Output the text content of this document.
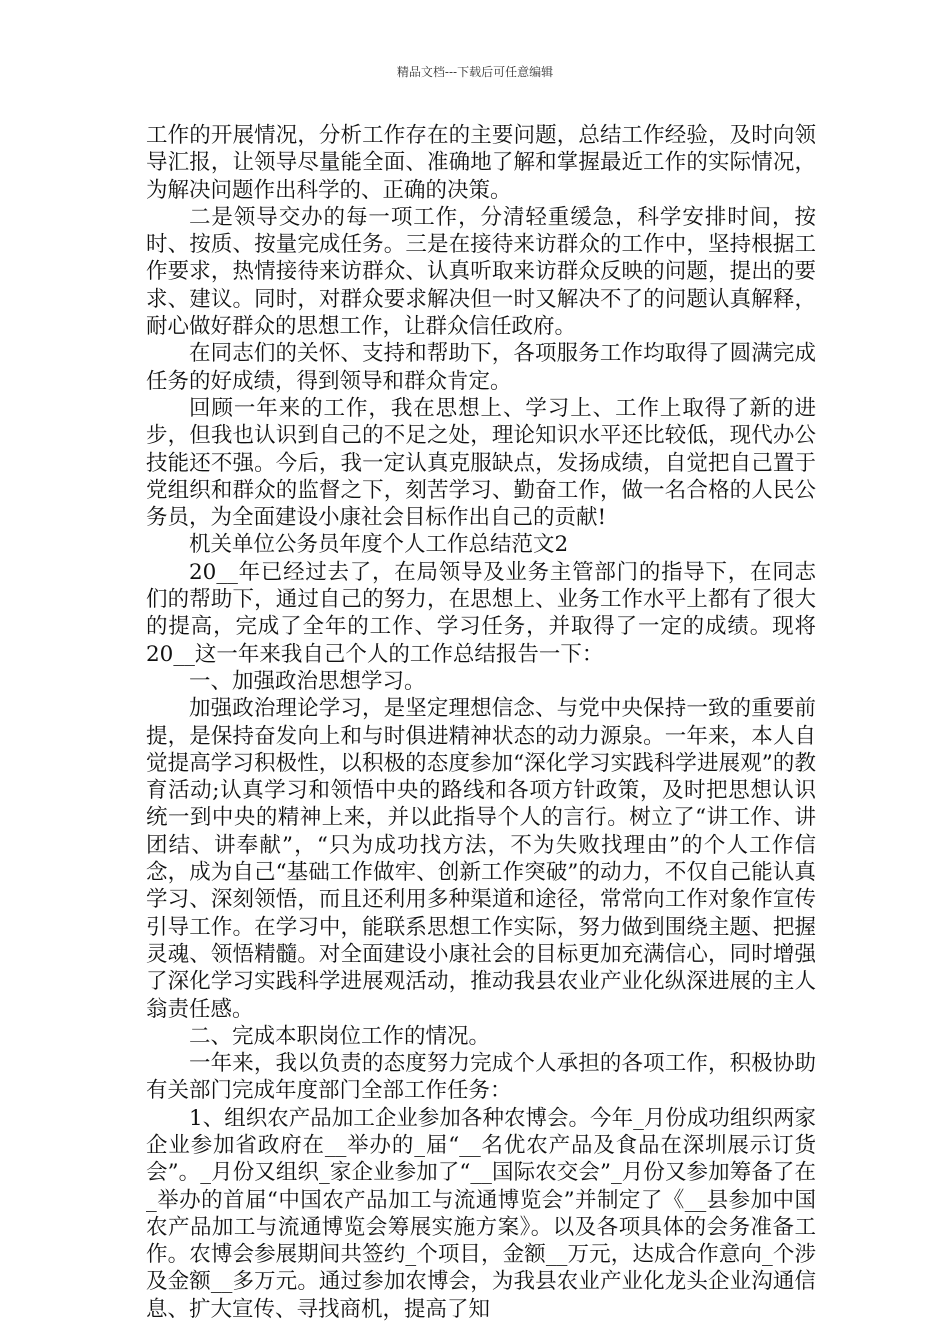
精品文档---下载后可任意编辑

工作的开展情况，分析工作存在的主要问题，总结工作经验，及时向领导汇报，让领导尽量能全面、准确地了解和掌握最近工作的实际情况，为解决问题作出科学的、正确的决策。

二是领导交办的每一项工作，分清轻重缓急，科学安排时间，按时、按质、按量完成任务。三是在接待来访群众的工作中，坚持根据工作要求，热情接待来访群众、认真听取来访群众反映的问题，提出的要求、建议。同时，对群众要求解决但一时又解决不了的问题认真解释，耐心做好群众的思想工作，让群众信任政府。

在同志们的关怀、支持和帮助下，各项服务工作均取得了圆满完成任务的好成绩，得到领导和群众肯定。

回顾一年来的工作，我在思想上、学习上、工作上取得了新的进步，但我也认识到自己的不足之处，理论知识水平还比较低，现代办公技能还不强。今后，我一定认真克服缺点，发扬成绩，自觉把自己置于党组织和群众的监督之下，刻苦学习、勤奋工作，做一名合格的人民公务员，为全面建设小康社会目标作出自己的贡献!

机关单位公务员年度个人工作总结范文2

20__年已经过去了，在局领导及业务主管部门的指导下，在同志们的帮助下，通过自己的努力，在思想上、业务工作水平上都有了很大的提高，完成了全年的工作、学习任务，并取得了一定的成绩。现将20__这一年来我自己个人的工作总结报告一下：

一、加强政治思想学习。

加强政治理论学习，是坚定理想信念、与党中央保持一致的重要前提，是保持奋发向上和与时俱进精神状态的动力源泉。一年来，本人自觉提高学习积极性，以积极的态度参加“深化学习实践科学进展观”的教育活动;认真学习和领悟中央的路线和各项方针政策，及时把思想认识统一到中央的精神上来，并以此指导个人的言行。树立了“讲工作、讲团结、讲奉献”，“只为成功找方法，不为失败找理由”的个人工作信念，成为自己“基础工作做牢、创新工作突破”的动力，不仅自己能认真学习、深刻领悟，而且还利用多种渠道和途径，常常向工作对象作宣传引导工作。在学习中，能联系思想工作实际，努力做到围绕主题、把握灵魂、领悟精髓。对全面建设小康社会的目标更加充满信心，同时增强了深化学习实践科学进展观活动，推动我县农业产业化纵深进展的主人翁责任感。

二、完成本职岗位工作的情况。

一年来，我以负责的态度努力完成个人承担的各项工作，积极协助有关部门完成年度部门全部工作任务：

1、组织农产品加工企业参加各种农博会。今年_月份成功组织两家企业参加省政府在__举办的_届“__名优农产品及食品在深圳展示订货会”。_月份又组织_家企业参加了“__国际农交会”_月份又参加筹备了在_举办的首届“中国农产品加工与流通博览会”并制定了《__县参加中国农产品加工与流通博览会筹展实施方案》。以及各项具体的会务准备工作。农博会参展期间共签约_个项目，金额__万元，达成合作意向_个涉及金额__多万元。通过参加农博会，为我县农业产业化龙头企业沟通信息、扩大宣传、寻找商机，提高了知
